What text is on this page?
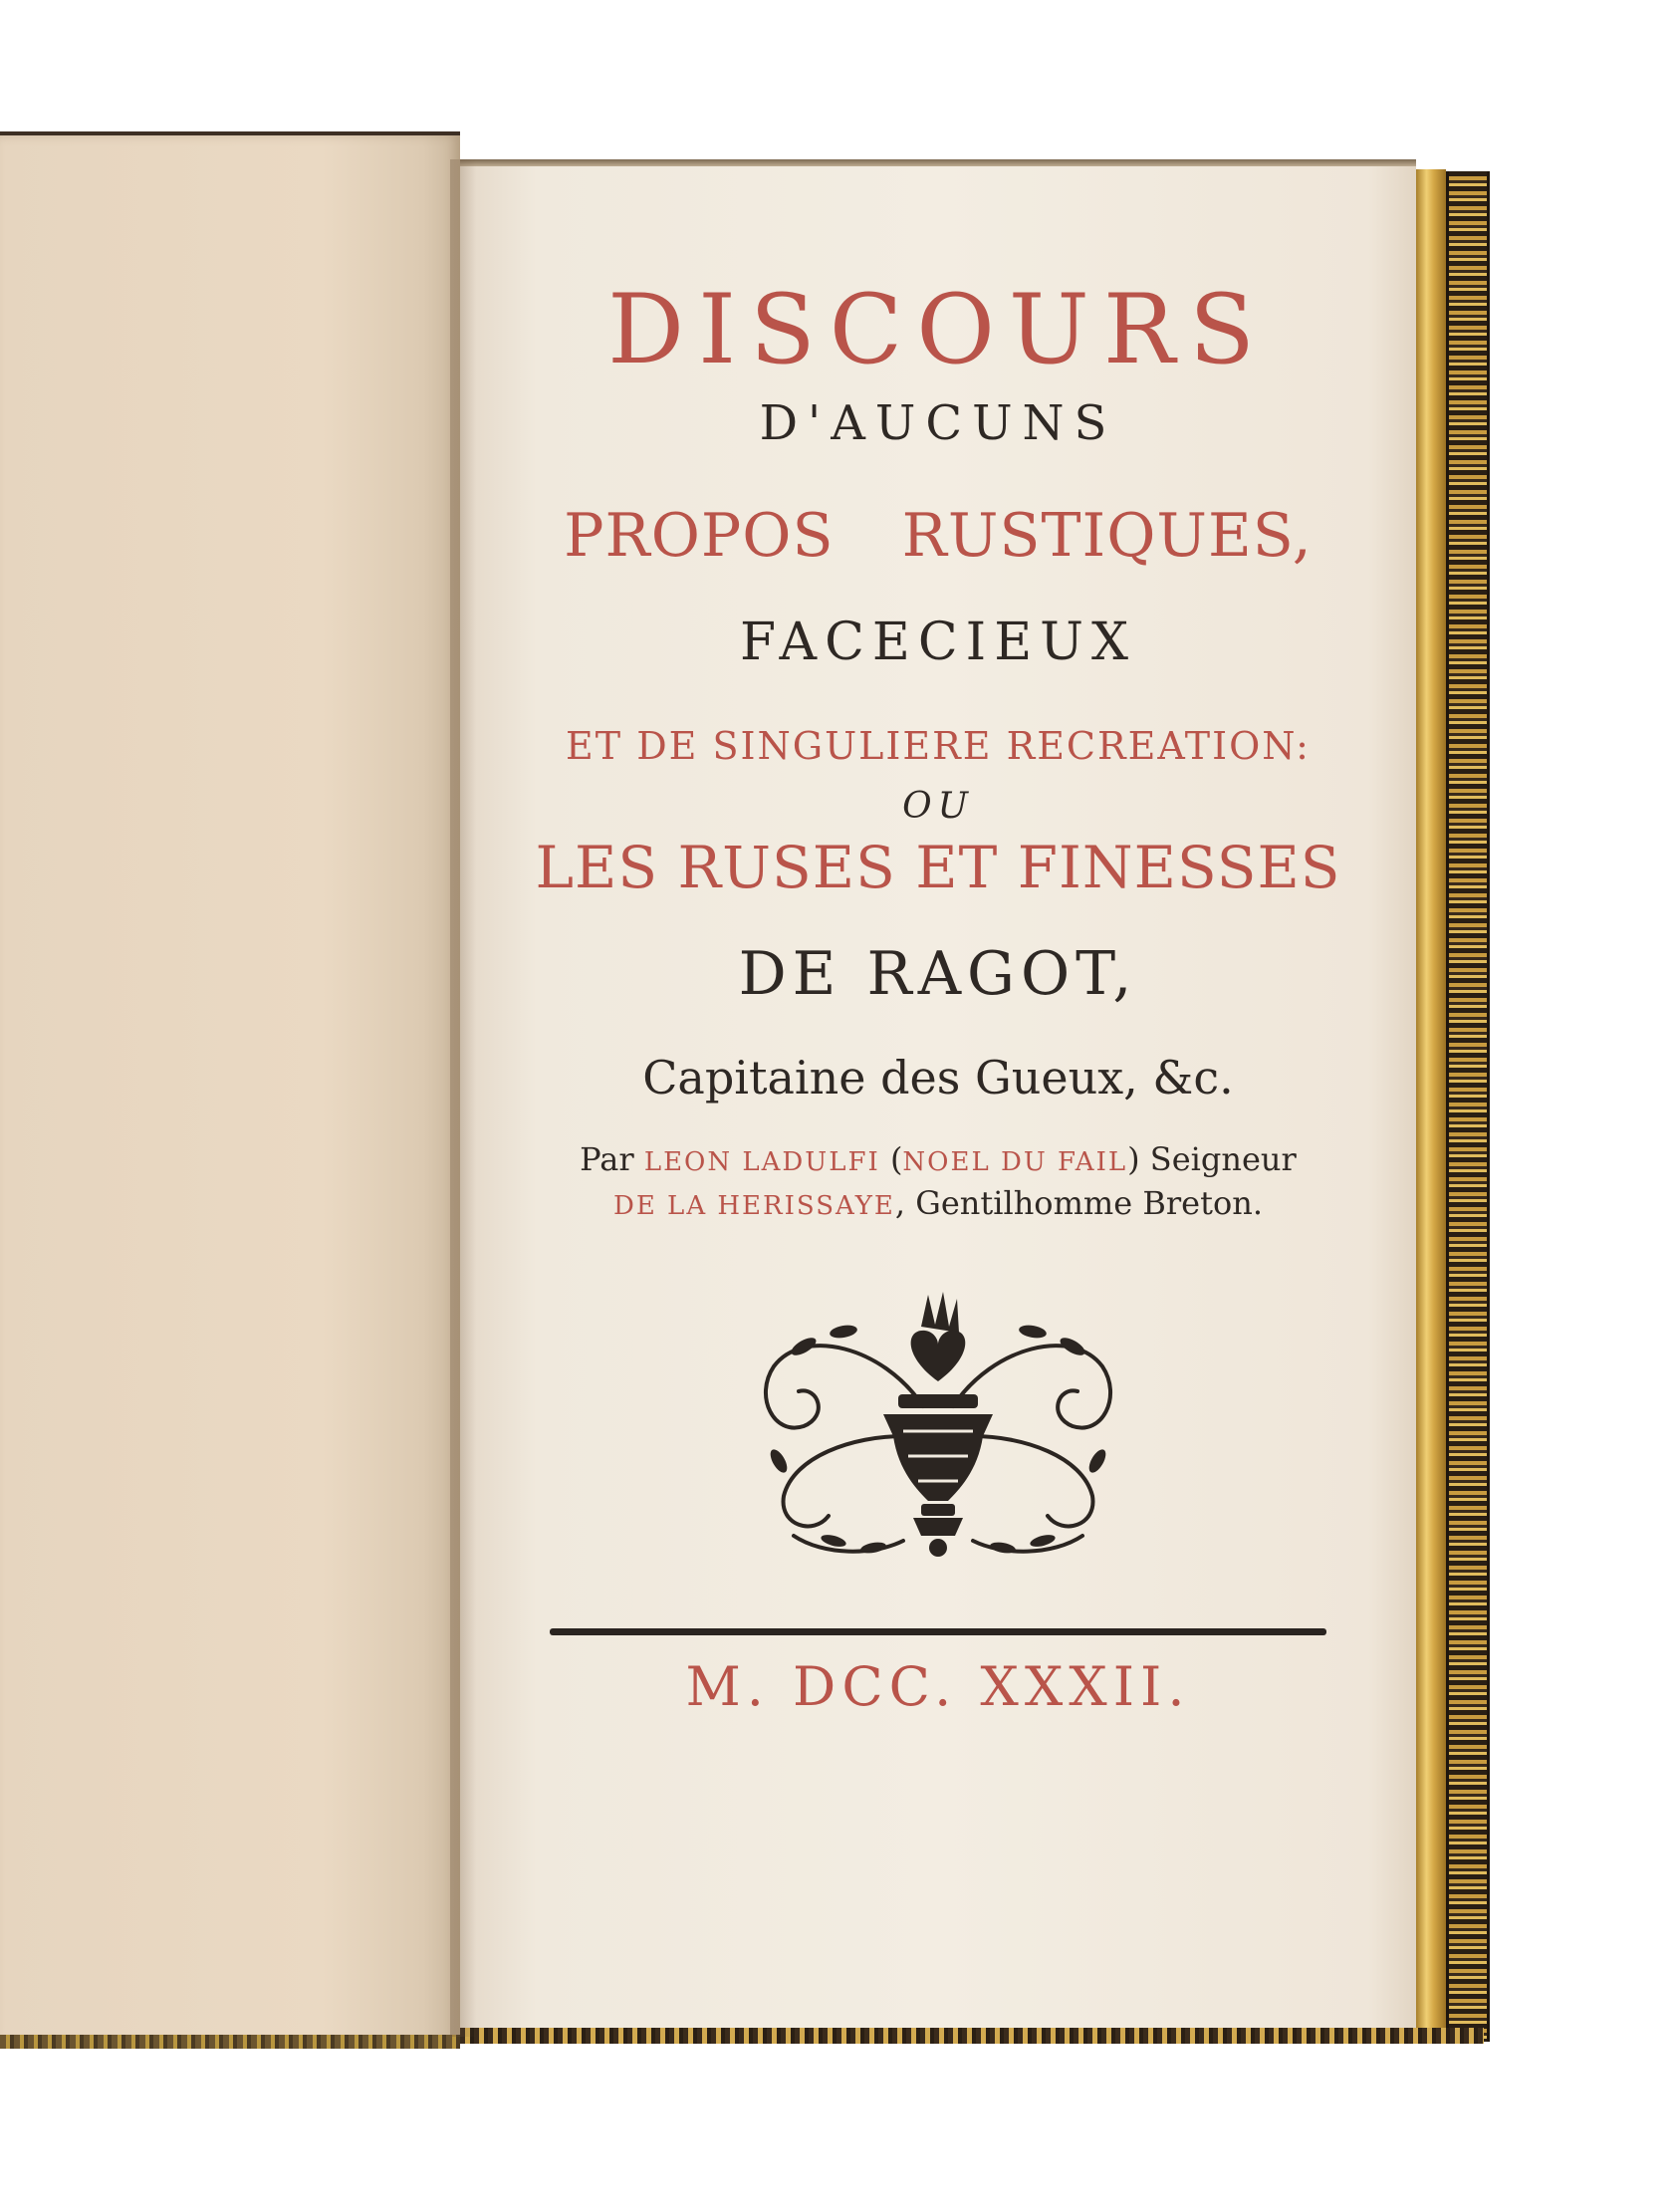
DISCOURS
D'AUCUNS
PROPOS RUSTIQUES,
FACECIEUX
ET DE SINGULIERE RECREATION:
OU
LES RUSES ET FINESSES
DE RAGOT,
Capitaine des Gueux, &c.
Par LEON LADULFI (NOEL DU FAIL) Seigneur
DE LA HERISSAYE, Gentilhomme Breton.
M. DCC. XXXII.
